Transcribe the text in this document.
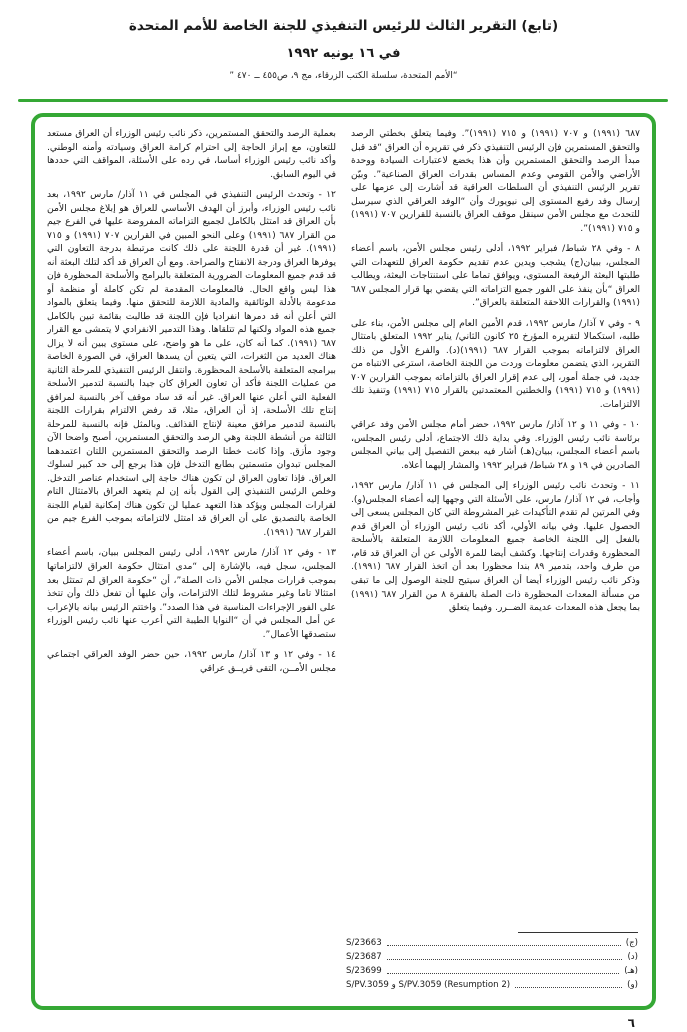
(تابع) التقرير الثالث للرئيس التنفيذي للجنة الخاصة للأمم المتحدة
في ١٦ يونيه ١٩٩٢
“الأمم المتحدة، سلسلة الكتب الزرقاء، مج ٩، ص٤٥٥ ــ ٤٧٠ ”

٦٨٧ (١٩٩١) و ٧٠٧ (١٩٩١) و ٧١٥ (١٩٩١)”. وفيما يتعلق بخطتي الرصد والتحقق المستمرين فإن الرئيس التنفيذي ذكر في تقريره أن العراق “قد قبل مبدأ الرصد والتحقق المستمرين وأن هذا يخضع لاعتبارات السيادة ووحدة الأراضي والأمن القومي وعدم المساس بقدرات العراق الصناعية”. وبيّن تقرير الرئيس التنفيذي أن السلطات العراقية قد أشارت إلى عزمها على إرسال وفد رفيع المستوى إلى نيويورك وأن “الوفد العراقي الذي سيرسل للتحدث مع مجلس الأمن سينقل موقف العراق بالنسبة للقرارين ٧٠٧ (١٩٩١) و ٧١٥ (١٩٩١)”.

٨ - وفي ٢٨ شباط/ فبراير ١٩٩٢، أدلى رئيس مجلس الأمن، باسم أعضاء المجلس، ببيان(ج) يشجب ويدين عدم تقديم حكومة العراق للتعهدات التي طلبتها البعثة الرفيعة المستوى، ويوافق تماما على استنتاجات البعثة، ويطالب العراق “بأن ينفذ على الفور جميع التزاماته التي يقضي بها قرار المجلس ٦٨٧ (١٩٩١) والقرارات اللاحقة المتعلقة بالعراق”.

٩ - وفي ٧ آذار/ مارس ١٩٩٢، قدم الأمين العام إلى مجلس الأمن، بناء على طلبه، استكمالا لتقريره المؤرخ ٢٥ كانون الثاني/ يناير ١٩٩٢ المتعلق بامتثال العراق لالتزاماته بموجب القرار ٦٨٧ (١٩٩١)(د). والفرع الأول من ذلك التقرير، الذي يتضمن معلومات وردت من اللجنة الخاصة، استرعى الانتباه من جديد، في جملة أمور، إلى عدم إقرار العراق بالتزاماته بموجب القرارين ٧٠٧ (١٩٩١) و ٧١٥ (١٩٩١) والخطتين المعتمدتين بالقرار ٧١٥ (١٩٩١) وتنفيذ تلك الالتزامات.

١٠ - وفي ١١ و ١٢ آذار/ مارس ١٩٩٢، حضر أمام مجلس الأمن وفد عراقي برئاسة نائب رئيس الوزراء. وفي بداية ذلك الاجتماع، أدلى رئيس المجلس، باسم أعضاء المجلس، ببيان(هـ) أشار فيه ببعض التفصيل إلى بياني المجلس الصادرين في ١٩ و ٢٨ شباط/ فبراير ١٩٩٢ والمشار إليهما أعلاه.

١١ - وتحدث نائب رئيس الوزراء إلى المجلس في ١١ آذار/ مارس ١٩٩٢، وأجاب، في ١٢ آذار/ مارس، على الأسئلة التي وجهها إليه أعضاء المجلس(و). وفي المرتين لم تقدم التأكيدات غير المشروطة التي كان المجلس يسعى إلى الحصول عليها. وفي بيانه الأولي، أكد نائب رئيس الوزراء أن العراق قدم بالفعل إلى اللجنة الخاصة جميع المعلومات اللازمة المتعلقة بالأسلحة المحظورة وقدرات إنتاجها. وكشف أيضا للمرة الأولى عن أن العراق قد قام، من طرف واحد، بتدمير ٨٩ بندا محظورا بعد أن اتخذ القرار ٦٨٧ (١٩٩١). وذكر نائب رئيس الوزراء أيضا أن العراق سيتيح للجنة الوصول إلى ما تبقى من مسألة المعدات المحظورة ذات الصلة بالفقرة ٨ من القرار ٦٨٧ (١٩٩١) بما يجعل هذه المعدات عديمة الضــرر. وفيما يتعلق

بعملية الرصد والتحقق المستمرين، ذكر نائب رئيس الوزراء أن العراق مستعد للتعاون، مع إبراز الحاجة إلى احترام كرامة العراق وسيادته وأمنه الوطني. وأكد نائب رئيس الوزراء أساسا، في رده على الأسئلة، المواقف التي حددها في اليوم السابق.

١٢ - وتحدث الرئيس التنفيذي في المجلس في ١١ آذار/ مارس ١٩٩٢، بعد نائب رئيس الوزراء، وأبرز أن الهدف الأساسي للعراق هو إبلاغ مجلس الأمن بأن العراق قد امتثل بالكامل لجميع التزاماته المفروضة عليها في الفرع جيم من القرار ٦٨٧ (١٩٩١) وعلى النحو المبين في القرارين ٧٠٧ (١٩٩١) و ٧١٥ (١٩٩١). غير أن قدرة اللجنة على ذلك كانت مرتبطة بدرجة التعاون التي يوفرها العراق ودرجة الانفتاح والصراحة. ومع أن العراق قد أكد لتلك البعثة أنه قد قدم جميع المعلومات الضرورية المتعلقة بالبرامج والأسلحة المحظورة فإن هذا ليس واقع الحال. فالمعلومات المقدمة لم تكن كاملة أو منظمة أو مدعومة بالأدلة الوثائقية والمادية اللازمة للتحقق منها. وفيما يتعلق بالمواد التي أعلن أنه قد دمرها انفراديا فإن اللجنة قد طالبت بقائمة تبين بالكامل جميع هذه المواد ولكنها لم تتلقاها. وهذا التدمير الانفرادي لا يتمشى مع القرار ٦٨٧ (١٩٩١). كما أنه كان، على ما هو واضح، على مستوى يبين أنه لا يزال هناك العديد من الثغرات، التي يتعين أن يسدها العراق، في الصورة الخاصة ببرامجه المتعلقة بالأسلحة المحظورة. وانتقل الرئيس التنفيذي للمرحلة الثانية من عمليات اللجنة فأكد أن تعاون العراق كان جيدا بالنسبة لتدمير الأسلحة الفعلية التي أعلن عنها العراق. غير أنه قد ساد موقف آخر بالنسبة لمرافق إنتاج تلك الأسلحة، إذ أن العراق، مثلا، قد رفض الالتزام بقرارات اللجنة بالنسبة لتدمير مرافق معينة لإنتاج القذائف. وبالمثل فإنه بالنسبة للمرحلة الثالثة من أنشطة اللجنة وهي الرصد والتحقق المستمرين، أصبح واضحا الآن وجود مأزق. وإذا كانت خطتا الرصد والتحقق المستمرين اللتان اعتمدهما المجلس تبدوان متسمتين بطابع التدخل فإن هذا يرجع إلى حد كبير لسلوك العراق. فإذا تعاون العراق لن تكون هناك حاجة إلى استخدام عناصر التدخل. وخلص الرئيس التنفيذي إلى القول بأنه إن لم يتعهد العراق بالامتثال التام لقرارات المجلس ويؤكد هذا التعهد عمليا لن تكون هناك إمكانية لقيام اللجنة الخاصة بالتصديق على أن العراق قد امتثل لالتزاماته بموجب الفرع جيم من القرار ٦٨٧ (١٩٩١).

١٣ - وفي ١٢ آذار/ مارس ١٩٩٢، أدلى رئيس المجلس ببيان، باسم أعضاء المجلس، سجل فيه، بالإشارة إلى “مدى امتثال حكومة العراق لالتزاماتها بموجب قرارات مجلس الأمن ذات الصلة”، أن “حكومة العراق لم تمتثل بعد امتثالا تاما وغير مشروط لتلك الالتزامات، وأن عليها أن تفعل ذلك وأن تتخذ على الفور الإجراءات المناسبة في هذا الصدد”. واختتم الرئيس بيانه بالإعراب عن أمل المجلس في أن “النوايا الطيبة التي أعرب عنها نائب رئيس الوزراء ستصدقها الأعمال”.

١٤ - وفي ١٢ و ١٣ آذار/ مارس ١٩٩٢، حين حضر الوفد العراقي اجتماعي مجلس الأمــن، التقى فريــق عراقي

(ج)
S/23663
(د)
S/23687
(هـ)
S/23699
(و)
S/PV.3059 و S/PV.3059 (Resumption 2)
٦
